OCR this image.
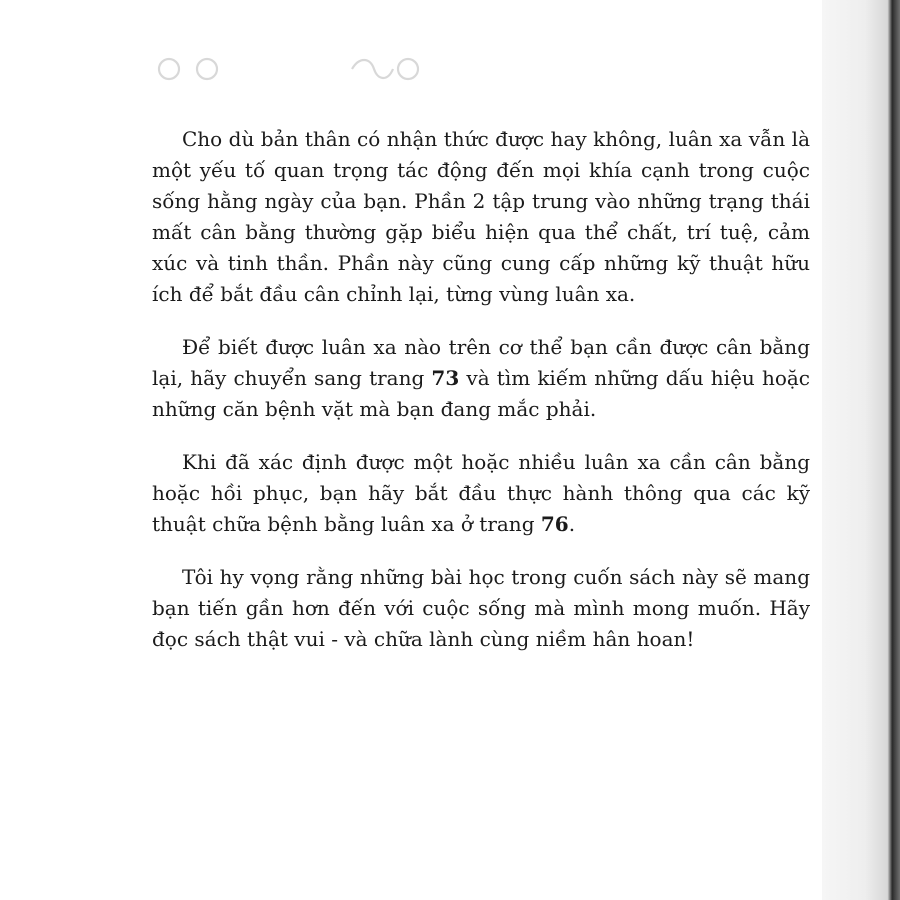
Cho dù bản thân có nhận thức được hay không, luân xa vẫn là một yếu tố quan trọng tác động đến mọi khía cạnh trong cuộc sống hằng ngày của bạn. Phần 2 tập trung vào những trạng thái mất cân bằng thường gặp biểu hiện qua thể chất, trí tuệ, cảm xúc và tinh thần. Phần này cũng cung cấp những kỹ thuật hữu ích để bắt đầu cân chỉnh lại, từng vùng luân xa.

Để biết được luân xa nào trên cơ thể bạn cần được cân bằng lại, hãy chuyển sang trang 73 và tìm kiếm những dấu hiệu hoặc những căn bệnh vặt mà bạn đang mắc phải.

Khi đã xác định được một hoặc nhiều luân xa cần cân bằng hoặc hồi phục, bạn hãy bắt đầu thực hành thông qua các kỹ thuật chữa bệnh bằng luân xa ở trang 76.

Tôi hy vọng rằng những bài học trong cuốn sách này sẽ mang bạn tiến gần hơn đến với cuộc sống mà mình mong muốn. Hãy đọc sách thật vui - và chữa lành cùng niềm hân hoan!
